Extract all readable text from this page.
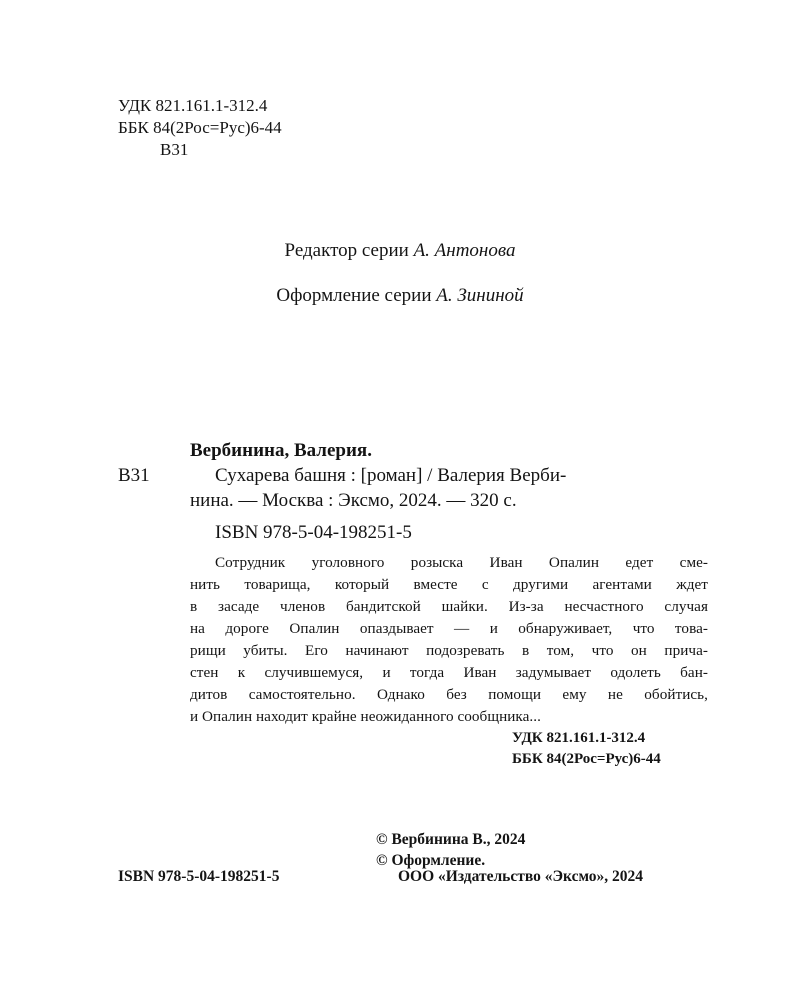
УДК 821.161.1-312.4
ББК 84(2Рос=Рус)6-44
В31
Редактор серии А. Антонова
Оформление серии А. Зининой
Вербинина, Валерия.
В31	Сухарева башня : [роман] / Валерия Верби-
нина. — Москва : Эксмо, 2024. — 320 с.
ISBN 978-5-04-198251-5
Сотрудник уголовного розыска Иван Опалин едет сме-
нить товарища, который вместе с другими агентами ждет
в засаде членов бандитской шайки. Из-за несчастного случая
на дороге Опалин опаздывает — и обнаруживает, что това-
рищи убиты. Его начинают подозревать в том, что он прича-
стен к случившемуся, и тогда Иван задумывает одолеть бан-
дитов самостоятельно. Однако без помощи ему не обойтись,
и Опалин находит крайне неожиданного сообщника...
УДК 821.161.1-312.4
ББК 84(2Рос=Рус)6-44
© Вербинина В., 2024
© Оформление.
ООО «Издательство «Эксмо», 2024
ISBN 978-5-04-198251-5
